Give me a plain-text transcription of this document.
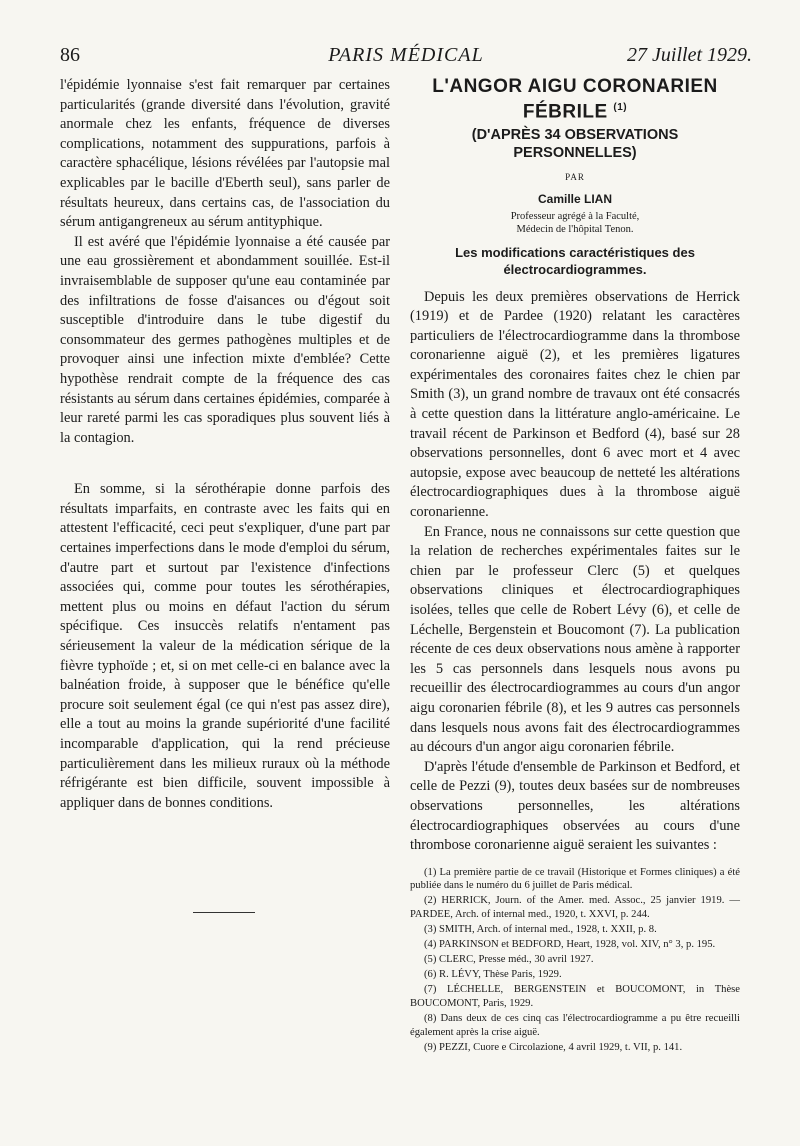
86	PARIS MÉDICAL	27 Juillet 1929.

l'épidémie lyonnaise s'est fait remarquer par certaines particularités (grande diversité dans l'évolution, gravité anormale chez les enfants, fréquence de diverses complications, notamment des suppurations, parfois à caractère sphacélique, lésions révélées par l'autopsie mal explicables par le bacille d'Eberth seul), sans parler de résultats heureux, dans certains cas, de l'association du sérum antigangreneux au sérum antityphique.

Il est avéré que l'épidémie lyonnaise a été causée par une eau grossièrement et abondamment souillée. Est-il invraisemblable de supposer qu'une eau contaminée par des infiltrations de fosse d'aisances ou d'égout soit susceptible d'introduire dans le tube digestif du consommateur des germes pathogènes multiples et de provoquer ainsi une infection mixte d'emblée? Cette hypothèse rendrait compte de la fréquence des cas résistants au sérum dans certaines épidémies, comparée à leur rareté parmi les cas sporadiques plus souvent liés à la contagion.

En somme, si la sérothérapie donne parfois des résultats imparfaits, en contraste avec les faits qui en attestent l'efficacité, ceci peut s'expliquer, d'une part par certaines imperfections dans le mode d'emploi du sérum, d'autre part et surtout par l'existence d'infections associées qui, comme pour toutes les sérothérapies, mettent plus ou moins en défaut l'action du sérum spécifique. Ces insuccès relatifs n'entament pas sérieusement la valeur de la médication sérique de la fièvre typhoïde ; et, si on met celle-ci en balance avec la balnéation froide, à supposer que le bénéfice qu'elle procure soit seulement égal (ce qui n'est pas assez dire), elle a tout au moins la grande supériorité d'une facilité incomparable d'application, qui la rend précieuse particulièrement dans les milieux ruraux où la méthode réfrigérante est bien difficile, souvent impossible à appliquer dans de bonnes conditions.

L'ANGOR AIGU CORONARIEN
FÉBRILE $^{(1)}$
(D'APRÈS 34 OBSERVATIONS
PERSONNELLES)
PAR
Camille LIAN
Professeur agrégé à la Faculté,
Médecin de l'hôpital Tenon.
Les modifications caractéristiques des
électrocardiogrammes.

Depuis les deux premières observations de Herrick (1919) et de Pardee (1920) relatant les caractères particuliers de l'électrocardiogramme dans la thrombose coronarienne aiguë (2), et les premières ligatures expérimentales des coronaires faites chez le chien par Smith (3), un grand nombre de travaux ont été consacrés à cette question dans la littérature anglo-américaine. Le travail récent de Parkinson et Bedford (4), basé sur 28 observations personnelles, dont 6 avec mort et 4 avec autopsie, expose avec beaucoup de netteté les altérations électrocardiographiques dues à la thrombose aiguë coronarienne.

En France, nous ne connaissons sur cette question que la relation de recherches expérimentales faites sur le chien par le professeur Clerc (5) et quelques observations cliniques et électrocardiographiques isolées, telles que celle de Robert Lévy (6), et celle de Léchelle, Bergenstein et Boucomont (7). La publication récente de ces deux observations nous amène à rapporter les 5 cas personnels dans lesquels nous avons pu recueillir des électrocardiogrammes au cours d'un angor aigu coronarien fébrile (8), et les 9 autres cas personnels dans lesquels nous avons fait des électrocardiogrammes au décours d'un angor aigu coronarien fébrile.

D'après l'étude d'ensemble de Parkinson et Bedford, et celle de Pezzi (9), toutes deux basées sur de nombreuses observations personnelles, les altérations électrocardiographiques observées au cours d'une thrombose coronarienne aiguë seraient les suivantes :

(1) La première partie de ce travail (Historique et Formes cliniques) a été publiée dans le numéro du 6 juillet de Paris médical.

(2) HERRICK, Journ. of the Amer. med. Assoc., 25 janvier 1919. — PARDEE, Arch. of internal med., 1920, t. XXVI, p. 244.

(3) SMITH, Arch. of internal med., 1928, t. XXII, p. 8.

(4) PARKINSON et BEDFORD, Heart, 1928, vol. XIV, n° 3, p. 195.

(5) CLERC, Presse méd., 30 avril 1927.

(6) R. LÉVY, Thèse Paris, 1929.

(7) LÉCHELLE, BERGENSTEIN et BOUCOMONT, in Thèse BOUCOMONT, Paris, 1929.

(8) Dans deux de ces cinq cas l'électrocardiogramme a pu être recueilli également après la crise aiguë.

(9) PEZZI, Cuore e Circolazione, 4 avril 1929, t. VII, p. 141.
